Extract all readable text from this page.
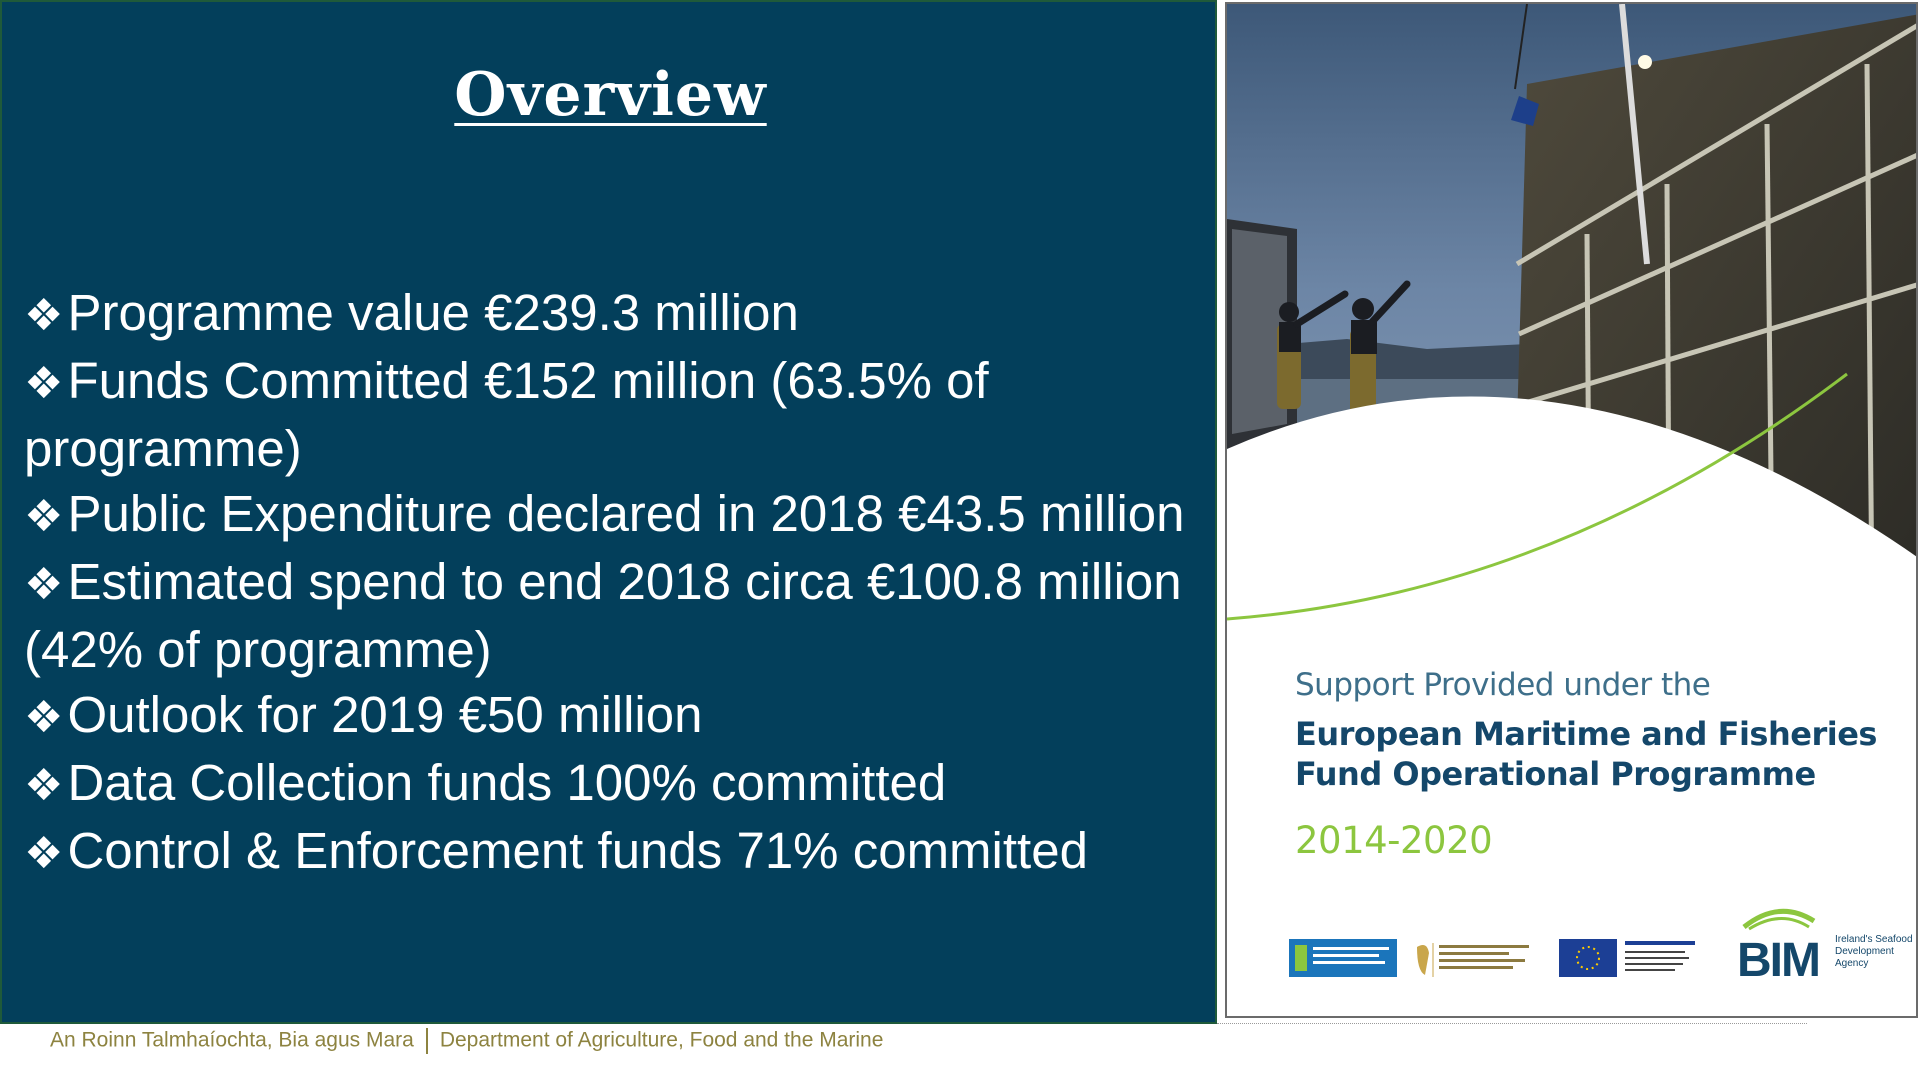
Overview
❖Programme value €239.3 million
❖Funds Committed €152 million (63.5% of programme)
❖Public Expenditure declared in 2018 €43.5 million
❖Estimated spend to end 2018 circa €100.8 million (42% of programme)
❖Outlook for 2019 €50 million
❖Data Collection funds 100% committed
❖Control & Enforcement funds 71% committed
Support Provided under the
European Maritime and Fisheries Fund Operational Programme
2014-2020
BIM Ireland's Seafood Development Agency
An Roinn Talmhaíochta, Bia agus Mara Department of Agriculture, Food and the Marine
